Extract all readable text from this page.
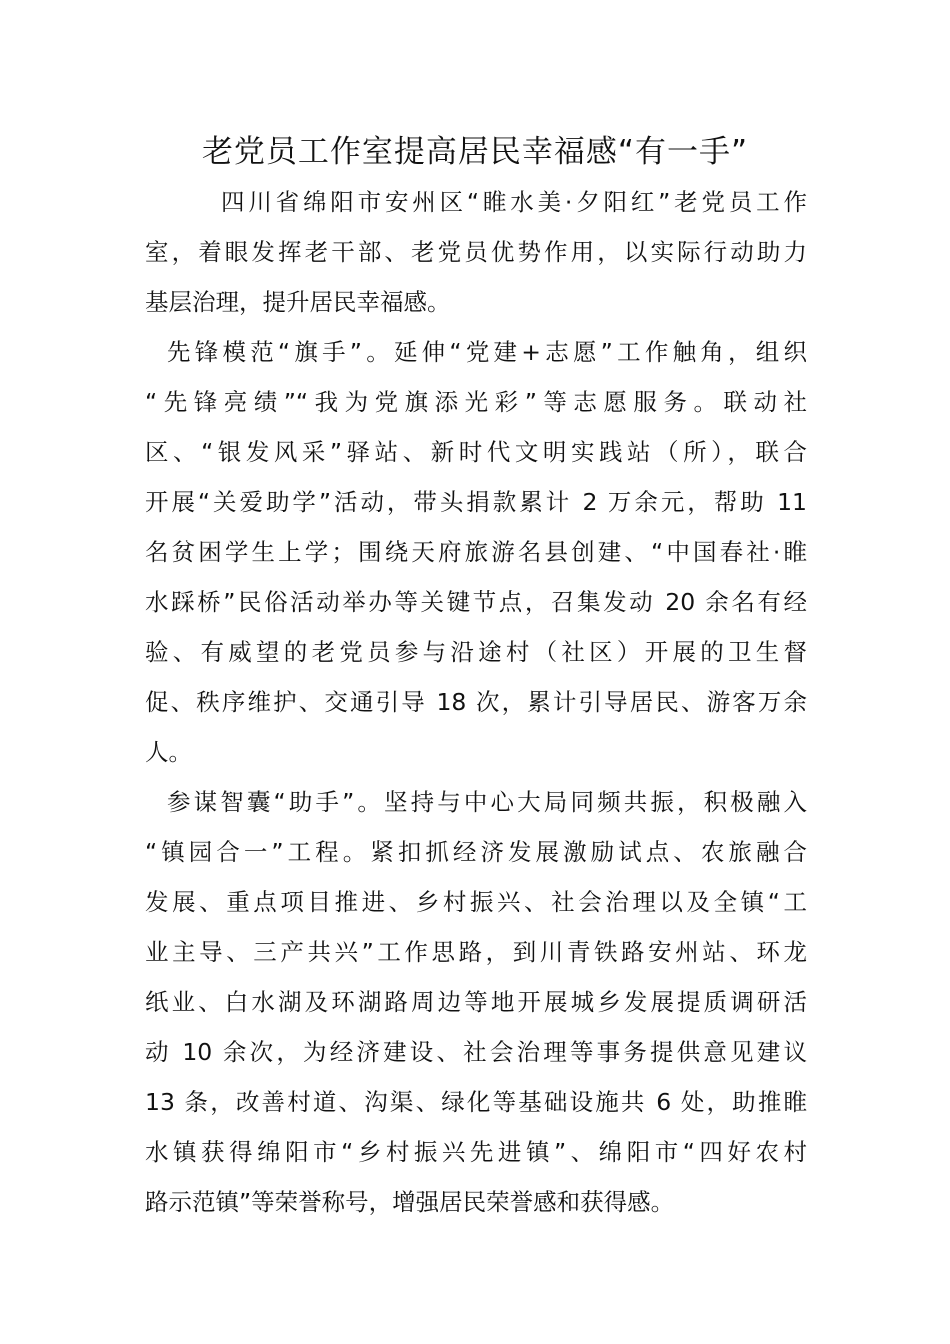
老党员工作室提高居民幸福感“有一手”
四川省绵阳市安州区“睢水美·夕阳红”老党员工作
室，着眼发挥老干部、老党员优势作用，以实际行动助力
基层治理，提升居民幸福感。
先锋模范“旗手”。延伸“党建+志愿”工作触角，组织
“先锋亮绩”“我为党旗添光彩”等志愿服务。联动社
区、“银发风采”驿站、新时代文明实践站（所），联合
开展“关爱助学”活动，带头捐款累计 2 万余元，帮助 11
名贫困学生上学；围绕天府旅游名县创建、“中国春社·睢
水踩桥”民俗活动举办等关键节点，召集发动 20 余名有经
验、有威望的老党员参与沿途村（社区）开展的卫生督
促、秩序维护、交通引导 18 次，累计引导居民、游客万余
人。
参谋智囊“助手”。坚持与中心大局同频共振，积极融入
“镇园合一”工程。紧扣抓经济发展激励试点、农旅融合
发展、重点项目推进、乡村振兴、社会治理以及全镇“工
业主导、三产共兴”工作思路，到川青铁路安州站、环龙
纸业、白水湖及环湖路周边等地开展城乡发展提质调研活
动 10 余次，为经济建设、社会治理等事务提供意见建议
13 条，改善村道、沟渠、绿化等基础设施共 6 处，助推睢
水镇获得绵阳市“乡村振兴先进镇”、绵阳市“四好农村
路示范镇”等荣誉称号，增强居民荣誉感和获得感。
